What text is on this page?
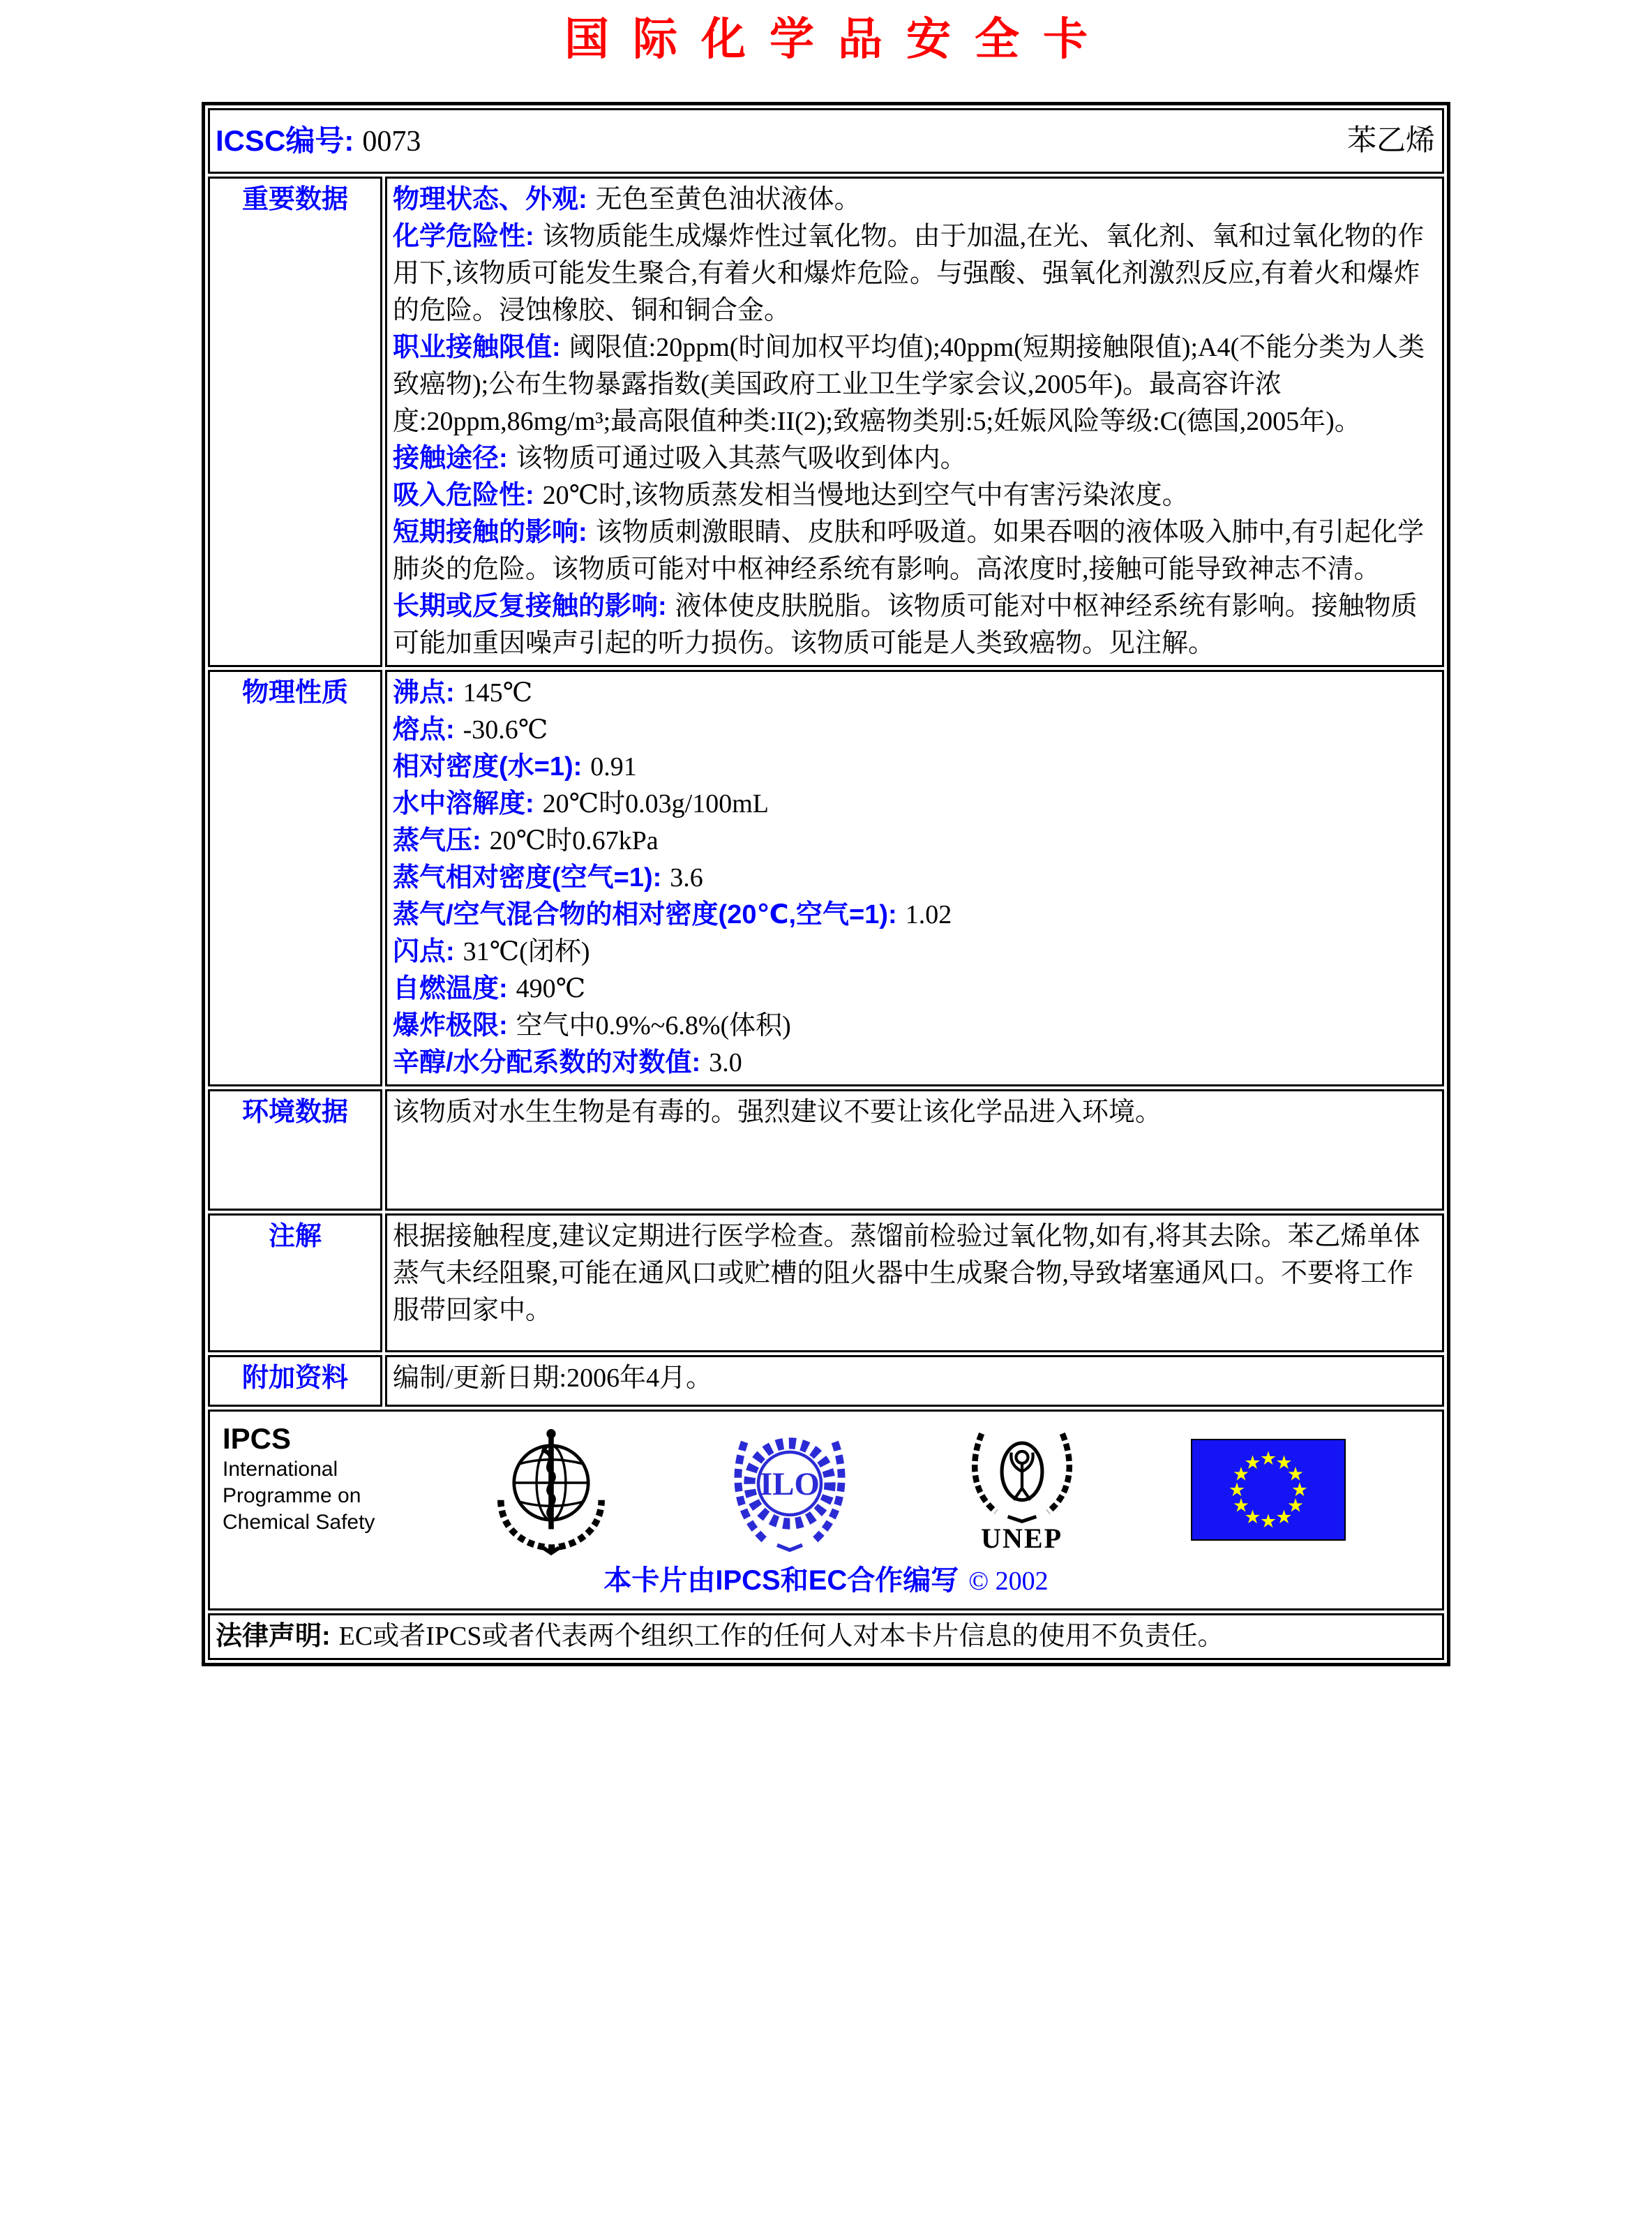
国际化学品安全卡
ICSC编号: 0073 苯乙烯	

重要数据	物理状态、外观: 无色至黄色油状液体。

化学危险性: 该物质能生成爆炸性过氧化物。由于加温,在光、氧化剂、氧和过氧化物的作用下,该物质可能发生聚合,有着火和爆炸危险。与强酸、强氧化剂激烈反应,有着火和爆炸的危险。浸蚀橡胶、铜和铜合金。

职业接触限值: 阈限值:20ppm(时间加权平均值);40ppm(短期接触限值);A4(不能分类为人类致癌物);公布生物暴露指数(美国政府工业卫生学家会议,2005年)。最高容许浓度:20ppm,86mg/m³;最高限值种类:II(2);致癌物类别:5;妊娠风险等级:C(德国,2005年)。

接触途径: 该物质可通过吸入其蒸气吸收到体内。

吸入危险性: 20℃时,该物质蒸发相当慢地达到空气中有害污染浓度。

短期接触的影响: 该物质刺激眼睛、皮肤和呼吸道。如果吞咽的液体吸入肺中,有引起化学肺炎的危险。该物质可能对中枢神经系统有影响。高浓度时,接触可能导致神志不清。

长期或反复接触的影响: 液体使皮肤脱脂。该物质可能对中枢神经系统有影响。接触物质可能加重因噪声引起的听力损伤。该物质可能是人类致癌物。见注解。

物理性质	沸点: 145℃

熔点: -30.6℃

相对密度(水=1): 0.91

水中溶解度: 20℃时0.03g/100mL

蒸气压: 20℃时0.67kPa

蒸气相对密度(空气=1): 3.6

蒸气/空气混合物的相对密度(20℃,空气=1): 1.02

闪点: 31℃(闭杯)

自燃温度: 490℃

爆炸极限: 空气中0.9%~6.8%(体积)

辛醇/水分配系数的对数值: 3.0

环境数据	该物质对水生生物是有毒的。强烈建议不要让该化学品进入环境。

注解	根据接触程度,建议定期进行医学检查。蒸馏前检验过氧化物,如有,将其去除。苯乙烯单体蒸气未经阻聚,可能在通风口或贮槽的阻火器中生成聚合物,导致堵塞通风口。不要将工作服带回家中。

附加资料	编制/更新日期:2006年4月。

IPCS
International
Programme on
Chemical Safety
ILO
UNEP
★
★
★
★
★
★
★
★
★
★
★
★
本卡片由IPCS和EC合作编写 © 2002

法律声明: EC或者IPCS或者代表两个组织工作的任何人对本卡片信息的使用不负责任。	
